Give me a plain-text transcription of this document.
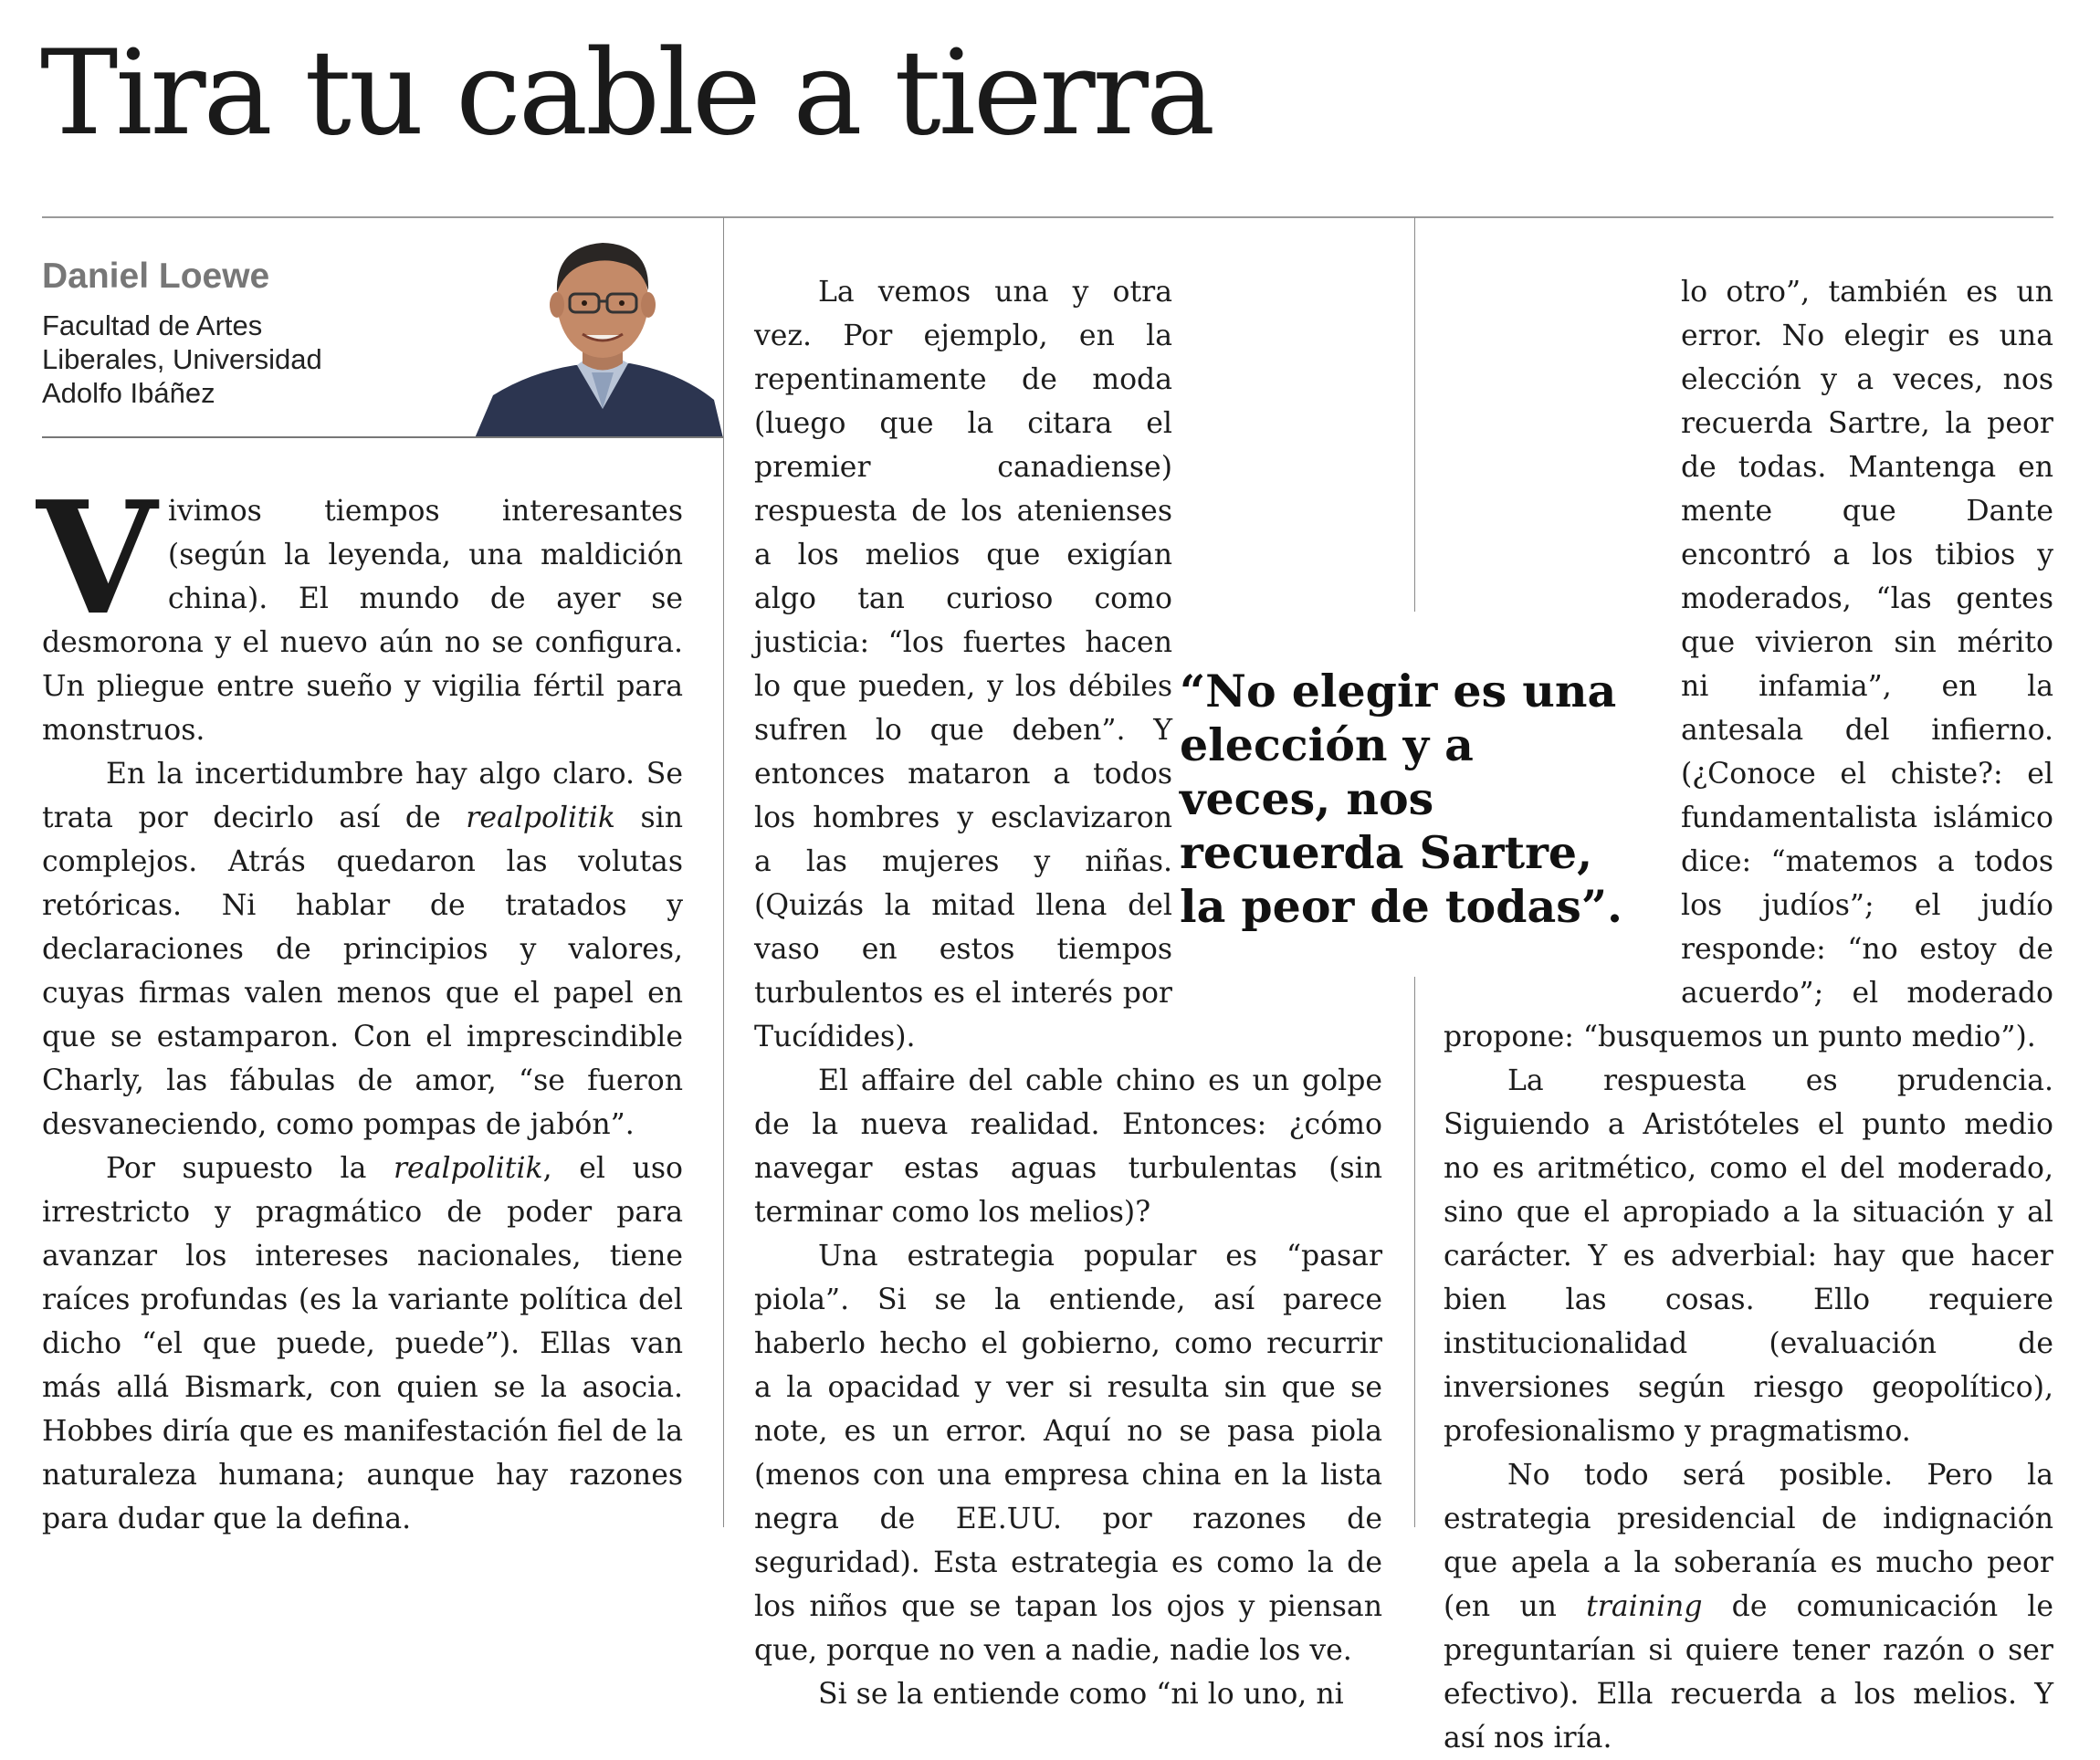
Tira tu cable a tierra

Daniel Loewe

Facultad de Artes
Liberales, Universidad
Adolfo Ibáñez

Vivimos tiempos interesantes (según la leyenda, una maldición china). El mundo de ayer se desmorona y el nuevo aún no se configura. Un pliegue entre sueño y vigilia fértil para monstruos.

En la incertidumbre hay algo claro. Se trata por decirlo así de realpolitik sin complejos. Atrás quedaron las volutas retóricas. Ni hablar de tratados y declaraciones de principios y valores, cuyas firmas valen menos que el papel en que se estamparon. Con el imprescindible Charly, las fábulas de amor, “se fueron desvaneciendo, como pompas de jabón”.

Por supuesto la realpolitik, el uso irrestricto y pragmático de poder para avanzar los intereses nacionales, tiene raíces profundas (es la variante política del dicho “el que puede, puede”). Ellas van más allá Bismark, con quien se la asocia. Hobbes diría que es manifestación fiel de la naturaleza humana; aunque hay razones para dudar que la defina.

La vemos una y otra vez. Por ejemplo, en la repentinamente de moda (luego que la citara el premier canadiense) respuesta de los atenienses a los melios que exigían algo tan curioso como justicia: “los fuertes hacen lo que pueden, y los débiles sufren lo que deben”. Y entonces mataron a todos los hombres y esclavizaron a las mujeres y niñas. (Quizás la mitad llena del vaso en estos tiempos turbulentos es el interés por Tucídides).

El affaire del cable chino es un golpe de la nueva realidad. Entonces: ¿cómo navegar estas aguas turbulentas (sin terminar como los melios)?

Una estrategia popular es “pasar piola”. Si se la entiende, así parece haberlo hecho el gobierno, como recurrir a la opacidad y ver si resulta sin que se note, es un error. Aquí no se pasa piola (menos con una empresa china en la lista negra de EE.UU. por razones de seguridad). Esta estrategia es como la de los niños que se tapan los ojos y piensan que, porque no ven a nadie, nadie los ve.

Si se la entiende como “ni lo uno, ni

lo otro”, también es un error. No elegir es una elección y a veces, nos recuerda Sartre, la peor de todas. Mantenga en mente que Dante encontró a los tibios y moderados, “las gentes que vivieron sin mérito ni infamia”, en la antesala del infierno. (¿Conoce el chiste?: el fundamentalista islámico dice: “matemos a todos los judíos”; el judío responde: “no estoy de acuerdo”; el moderado propone: “busquemos un punto medio”).

La respuesta es prudencia. Siguiendo a Aristóteles el punto medio no es aritmético, como el del moderado, sino que el apropiado a la situación y al carácter. Y es adverbial: hay que hacer bien las cosas. Ello requiere institucionalidad (evaluación de inversiones según riesgo geopolítico), profesionalismo y pragmatismo.

No todo será posible. Pero la estrategia presidencial de indignación que apela a la soberanía es mucho peor (en un training de comunicación le preguntarían si quiere tener razón o ser efectivo). Ella recuerda a los melios. Y así nos iría.

“No elegir es una elección y a veces, nos recuerda Sartre, la peor de todas”.
